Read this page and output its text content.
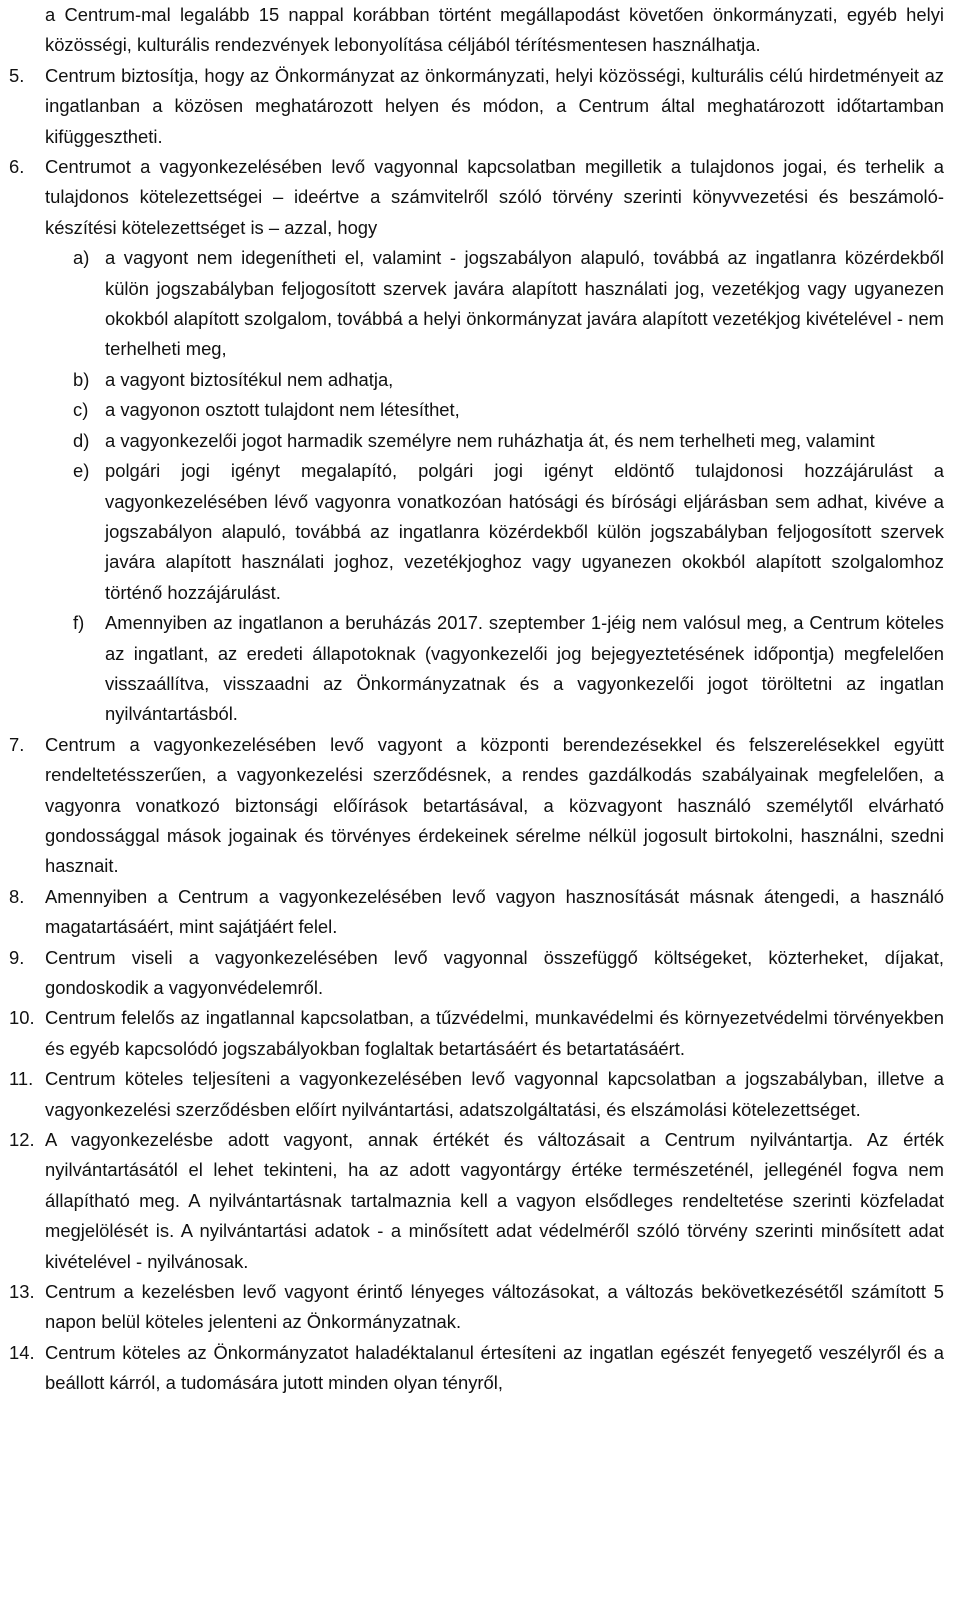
a Centrum-mal legalább 15 nappal korábban történt megállapodást követően önkormányzati, egyéb helyi közösségi, kulturális rendezvények lebonyolítása céljából térítésmentesen használhatja.
5.	Centrum biztosítja, hogy az Önkormányzat az önkormányzati, helyi közösségi, kulturális célú hirdetményeit az ingatlanban a közösen meghatározott helyen és módon, a Centrum által meghatározott időtartamban kifüggesztheti.
6.	Centrumot a vagyonkezelésében levő vagyonnal kapcsolatban megilletik a tulajdonos jogai, és terhelik a tulajdonos kötelezettségei – ideértve a számvitelről szóló törvény szerinti könyvvezetési és beszámoló-készítési kötelezettséget is – azzal, hogy
a) a vagyont nem idegenítheti el, valamint - jogszabályon alapuló, továbbá az ingatlanra közérdekből külön jogszabályban feljogosított szervek javára alapított használati jog, vezetékjog vagy ugyanezen okokból alapított szolgalom, továbbá a helyi önkormányzat javára alapított vezetékjog kivételével - nem terhelheti meg,
b) a vagyont biztosítékul nem adhatja,
c) a vagyonon osztott tulajdont nem létesíthet,
d) a vagyonkezelői jogot harmadik személyre nem ruházhatja át, és nem terhelheti meg, valamint
e) polgári jogi igényt megalapító, polgári jogi igényt eldöntő tulajdonosi hozzájárulást a vagyonkezelésében lévő vagyonra vonatkozóan hatósági és bírósági eljárásban sem adhat, kivéve a jogszabályon alapuló, továbbá az ingatlanra közérdekből külön jogszabályban feljogosított szervek javára alapított használati joghoz, vezetékjoghoz vagy ugyanezen okokból alapított szolgalomhoz történő hozzájárulást.
f)	Amennyiben az ingatlanon a beruházás 2017. szeptember 1-jéig nem valósul meg, a Centrum köteles az ingatlant, az eredeti állapotoknak (vagyonkezelői jog bejegyeztetésének időpontja) megfelelően visszaállítva, visszaadni az Önkormányzatnak és a vagyonkezelői jogot töröltetni az ingatlan nyilvántartásból.
7.	Centrum a vagyonkezelésében levő vagyont a központi berendezésekkel és felszerelésekkel együtt rendeltetésszerűen, a vagyonkezelési szerződésnek, a rendes gazdálkodás szabályainak megfelelően, a vagyonra vonatkozó biztonsági előírások betartásával, a közvagyont használó személytől elvárható gondossággal mások jogainak és törvényes érdekeinek sérelme nélkül jogosult birtokolni, használni, szedni hasznait.
8.	Amennyiben a Centrum a vagyonkezelésében levő vagyon hasznosítását másnak átengedi, a használó magatartásáért, mint sajátjáért felel.
9.	Centrum viseli a vagyonkezelésében levő vagyonnal összefüggő költségeket, közterheket, díjakat, gondoskodik a vagyonvédelemről.
10. Centrum felelős az ingatlannal kapcsolatban, a tűzvédelmi, munkavédelmi és környezetvédelmi törvényekben és egyéb kapcsolódó jogszabályokban foglaltak betartásáért és betartatásáért.
11. Centrum köteles teljesíteni a vagyonkezelésében levő vagyonnal kapcsolatban a jogszabályban, illetve a vagyonkezelési szerződésben előírt nyilvántartási, adatszolgáltatási, és elszámolási kötelezettséget.
12. A vagyonkezelésbe adott vagyont, annak értékét és változásait a Centrum nyilvántartja. Az érték nyilvántartásától el lehet tekinteni, ha az adott vagyontárgy értéke természeténél, jellegénél fogva nem állapítható meg. A nyilvántartásnak tartalmaznia kell a vagyon elsődleges rendeltetése szerinti közfeladat megjelölését is. A nyilvántartási adatok - a minősített adat védelméről szóló törvény szerinti minősített adat kivételével - nyilvánosak.
13. Centrum a kezelésben levő vagyont érintő lényeges változásokat, a változás bekövetkezésétől számított 5 napon belül köteles jelenteni az Önkormányzatnak.
14. Centrum köteles az Önkormányzatot haladéktalanul értesíteni az ingatlan egészét fenyegető veszélyről és a beállott kárról, a tudomására jutott minden olyan tényről,
